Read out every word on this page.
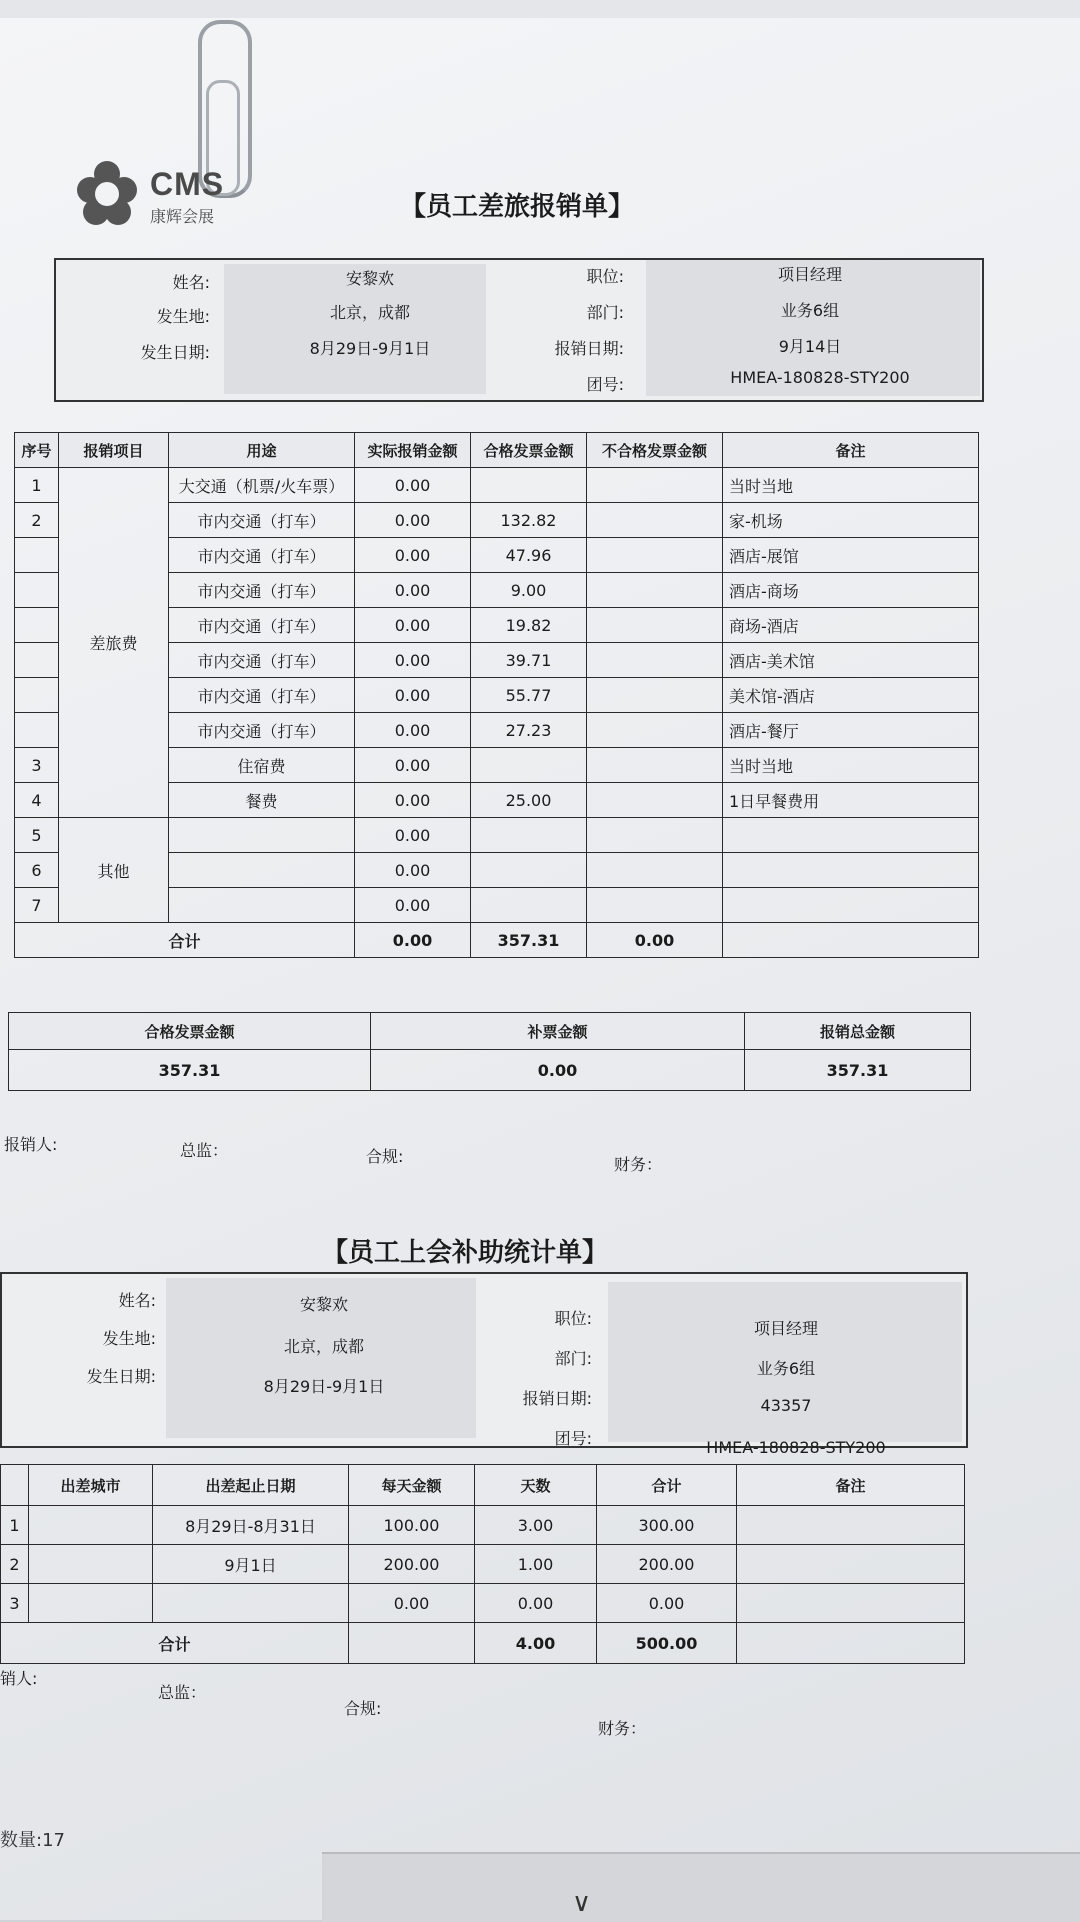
CMS
康辉会展	【员工差旅报销单】
姓名:	安黎欢
发生地:	北京，成都
发生日期:	8月29日-9月1日
职位:	项目经理
部门:	业务6组
报销日期:	9月14日
团号:	HMEA-180828-STY200
序号	报销项目	用途	实际报销金额	合格发票金额	不合格发票金额	备注
1	差旅费	大交通（机票/火车票）	0.00			当时当地
2		市内交通（打车）	0.00	132.82		家-机场
		市内交通（打车）	0.00	47.96		酒店-展馆
		市内交通（打车）	0.00	9.00		酒店-商场
		市内交通（打车）	0.00	19.82		商场-酒店
		市内交通（打车）	0.00	39.71		酒店-美术馆
		市内交通（打车）	0.00	55.77		美术馆-酒店
		市内交通（打车）	0.00	27.23		酒店-餐厅
3		住宿费	0.00			当时当地
4		餐费	0.00	25.00		1日早餐费用
5	其他		0.00			
6			0.00			
7			0.00			
合计			0.00	357.31	0.00	
合格发票金额	补票金额	报销总金额
357.31	0.00	357.31
报销人:	总监：	合规:	财务：
【员工上会补助统计单】
姓名:	安黎欢
发生地:	北京，成都
发生日期:
8月29日-9月1日
职位:
项目经理
部门:
业务6组
报销日期:	43357
团号:	HMEA-180828-STY200
	出差城市	出差起止日期	每天金额	天数	合计	备注
1		8月29日-8月31日	100.00	3.00	300.00	
2		9月1日	200.00	1.00	200.00	
3			0.00	0.00	0.00	
合计				4.00	500.00	
销人:
总监：
合规:
财务：
数量:17
∨
